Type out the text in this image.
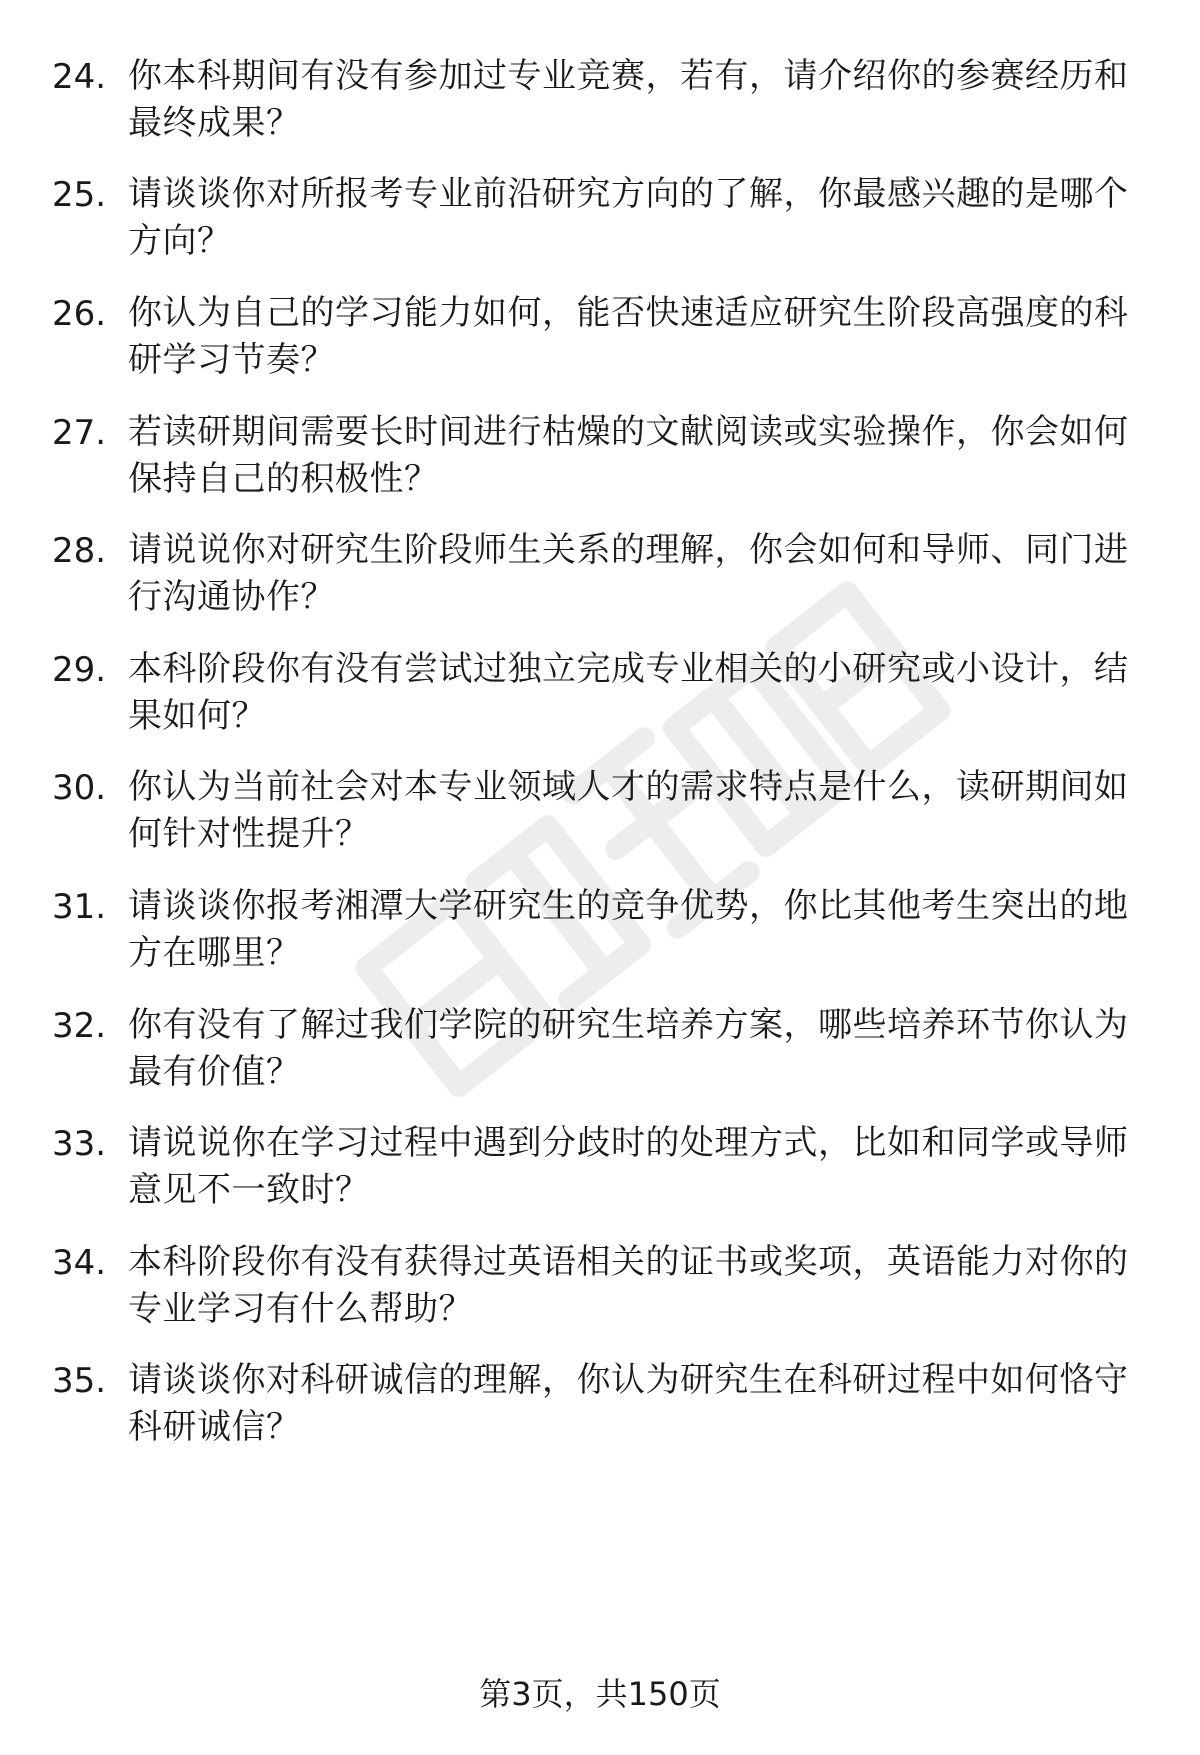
24. 你本科期间有没有参加过专业竞赛，若有，请介绍你的参赛经历和最终成果？
25. 请谈谈你对所报考专业前沿研究方向的了解，你最感兴趣的是哪个方向？
26. 你认为自己的学习能力如何，能否快速适应研究生阶段高强度的科研学习节奏？
27. 若读研期间需要长时间进行枯燥的文献阅读或实验操作，你会如何保持自己的积极性？
28. 请说说你对研究生阶段师生关系的理解，你会如何和导师、同门进行沟通协作？
29. 本科阶段你有没有尝试过独立完成专业相关的小研究或小设计，结果如何？
30. 你认为当前社会对本专业领域人才的需求特点是什么，读研期间如何针对性提升？
31. 请谈谈你报考湘潭大学研究生的竞争优势，你比其他考生突出的地方在哪里？
32. 你有没有了解过我们学院的研究生培养方案，哪些培养环节你认为最有价值？
33. 请说说你在学习过程中遇到分歧时的处理方式，比如和同学或导师意见不一致时？
34. 本科阶段你有没有获得过英语相关的证书或奖项，英语能力对你的专业学习有什么帮助？
35. 请谈谈你对科研诚信的理解，你认为研究生在科研过程中如何恪守科研诚信？
第3页，共150页
